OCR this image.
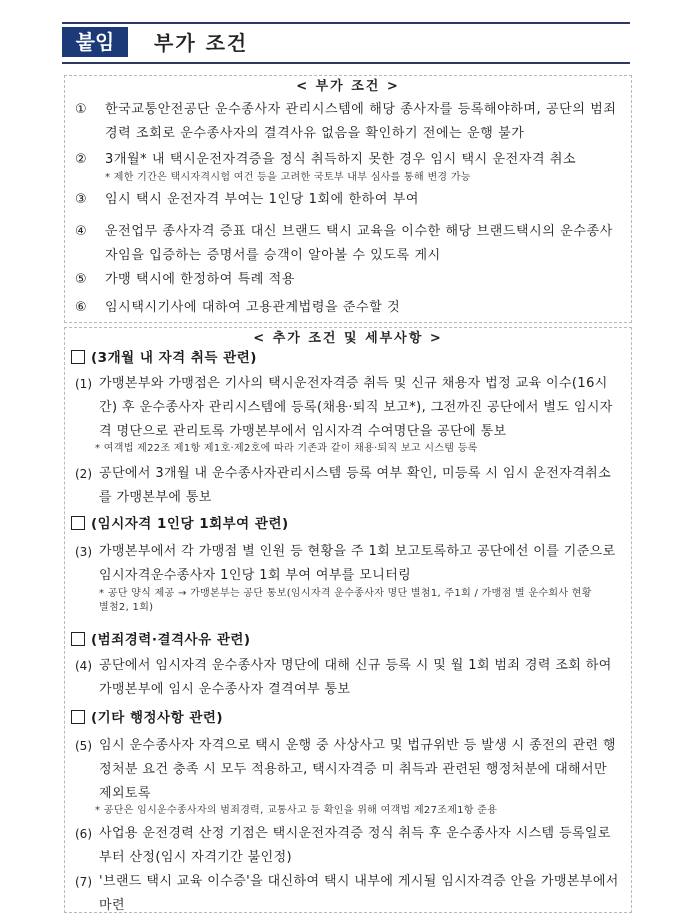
붙임	부가 조건
< 부가 조건 >
①	한국교통안전공단 운수종사자 관리시스템에 해당 종사자를 등록해야하며, 공단의 범죄경력 조회로 운수종사자의 결격사유 없음을 확인하기 전에는 운행 불가
②	3개월* 내 택시운전자격증을 정식 취득하지 못한 경우 임시 택시 운전자격 취소
* 제한 기간은 택시자격시험 여건 등을 고려한 국토부 내부 심사를 통해 변경 가능
③	임시 택시 운전자격 부여는 1인당 1회에 한하여 부여
④	운전업무 종사자격 증표 대신 브랜드 택시 교육을 이수한 해당 브랜드택시의 운수종사자임을 입증하는 증명서를 승객이 알아볼 수 있도록 게시
⑤	가맹 택시에 한정하여 특례 적용
⑥	임시택시기사에 대하여 고용관계법령을 준수할 것
< 추가 조건 및 세부사항 >
(3개월 내 자격 취득 관련)
(1) 가맹본부와 가맹점은 기사의 택시운전자격증 취득 및 신규 채용자 법정 교육 이수(16시간) 후 운수종사자 관리시스템에 등록(채용·퇴직 보고*), 그전까진 공단에서 별도 임시자격 명단으로 관리토록 가맹본부에서 임시자격 수여명단을 공단에 통보
* 여객법 제22조 제1항 제1호·제2호에 따라 기존과 같이 채용·퇴직 보고 시스템 등록
(2) 공단에서 3개월 내 운수종사자관리시스템 등록 여부 확인, 미등록 시 임시 운전자격취소를 가맹본부에 통보
(임시자격 1인당 1회부여 관련)
(3) 가맹본부에서 각 가맹점 별 인원 등 현황을 주 1회 보고토록하고 공단에선 이를 기준으로 임시자격운수종사자 1인당 1회 부여 여부를 모니터링
* 공단 양식 제공 → 가맹본부는 공단 통보(임시자격 운수종사자 명단 별첨1, 주1회 / 가맹점 별 운수회사 현황 별첨2, 1회)
(범죄경력·결격사유 관련)
(4) 공단에서 임시자격 운수종사자 명단에 대해 신규 등록 시 및 월 1회 범죄 경력 조회 하여 가맹본부에 임시 운수종사자 결격여부 통보
(기타 행정사항 관련)
(5) 임시 운수종사자 자격으로 택시 운행 중 사상사고 및 법규위반 등 발생 시 종전의 관련 행정처분 요건 충족 시 모두 적용하고, 택시자격증 미 취득과 관련된 행정처분에 대해서만 제외토록
* 공단은 임시운수종사자의 범죄경력, 교통사고 등 확인을 위해 여객법 제27조제1항 준용
(6) 사업용 운전경력 산정 기점은 택시운전자격증 정식 취득 후 운수종사자 시스템 등록일로부터 산정(임시 자격기간 불인정)
(7) '브랜드 택시 교육 이수증'을 대신하여 택시 내부에 게시될 임시자격증 안을 가맹본부에서 마련
